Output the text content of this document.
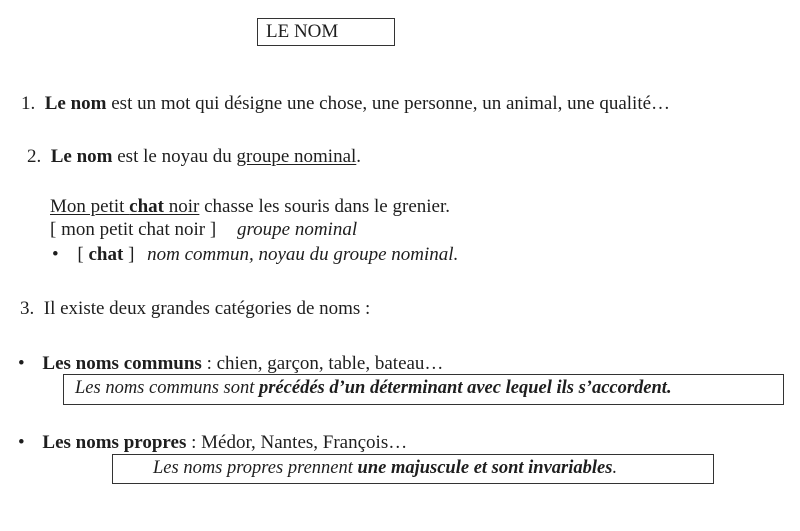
LE NOM
1. Le nom est un mot qui désigne une chose, une personne, un animal, une qualité…
2. Le nom est le noyau du groupe nominal.
Mon petit chat noir chasse les souris dans le grenier.
[ mon petit chat noir ] groupe nominal
• [ chat ] nom commun, noyau du groupe nominal.
3. Il existe deux grandes catégories de noms :
• Les noms communs : chien, garçon, table, bateau…
Les noms communs sont précédés d’un déterminant avec lequel ils s’accordent.
• Les noms propres : Médor, Nantes, François…
Les noms propres prennent une majuscule et sont invariables.
